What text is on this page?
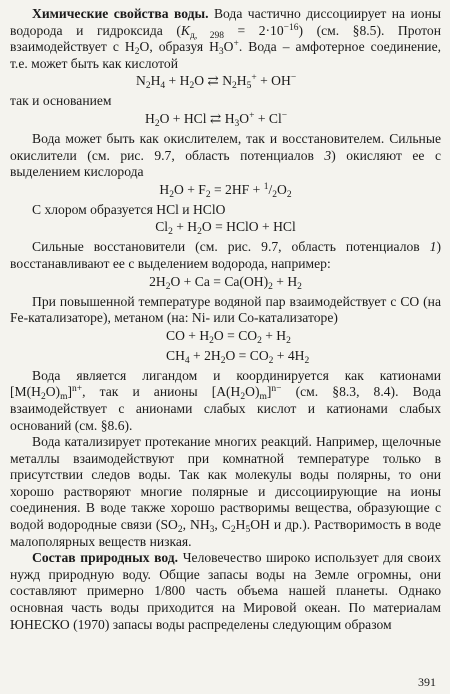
Химические свойства воды. Вода частично диссоциирует на ионы водорода и гидроксида $(K_{д, 298} = 2\cdot 10^{-16})$ (см. §8.5). Протон взаимодействует с $H_2O$, образуя $H_3O^+$. Вода – амфотерное соединение, т.е. может быть как кислотой

$N_2H_4 + H_2O$ ⇄ $N_2H_5^+ + OH^-$

так и основанием

$H_2O$ + HCl ⇄ $H_3O^+ + Cl^-$

Вода может быть как окислителем, так и восстановителем. Сильные окислители (см. рис. 9.7, область потенциалов 3) окисляют ее с выделением кислорода

$H_2O + F_2 = 2HF + ^1/_2O_2$

С хлором образуется HCl и HClO

$Cl_2 + H_2O$ = HClO + HCl

Сильные восстановители (см. рис. 9.7, область потенциалов 1) восстанавливают ее с выделением водорода, например:

$2H_2O + Ca = Ca(OH)_2 + H_2$

При повышенной температуре водяной пар взаимодействует с CO (на Fe-катализаторе), метаном (на: Ni- или Co-катализаторе)

CO + $H_2O = CO_2 + H_2$
$CH_4 + 2H_2O = CO_2 + 4H_2$

Вода является лигандом и координируется как катионами $[M(H_2O)_m]^{n+}$, так и анионы $[A(H_2O)_m]^{n-}$ (см. §8.3, 8.4). Вода взаимодействует с анионами слабых кислот и катионами слабых оснований (см. §8.6).

Вода катализирует протекание многих реакций. Например, щелочные металлы взаимодействуют при комнатной температуре только в присутствии следов воды. Так как молекулы воды полярны, то они хорошо растворяют многие полярные и диссоциирующие на ионы соединения. В воде также хорошо растворимы вещества, образующие с водой водородные связи ($SO_2$, $NH_3$, $C_2H_5OH$ и др.). Растворимость в воде малополярных веществ низкая.

Состав природных вод. Человечество широко использует для своих нужд природную воду. Общие запасы воды на Земле огромны, они составляют примерно 1/800 часть объема нашей планеты. Однако основная часть воды приходится на Мировой океан. По материалам ЮНЕСКО (1970) запасы воды распределены следующим образом

391
